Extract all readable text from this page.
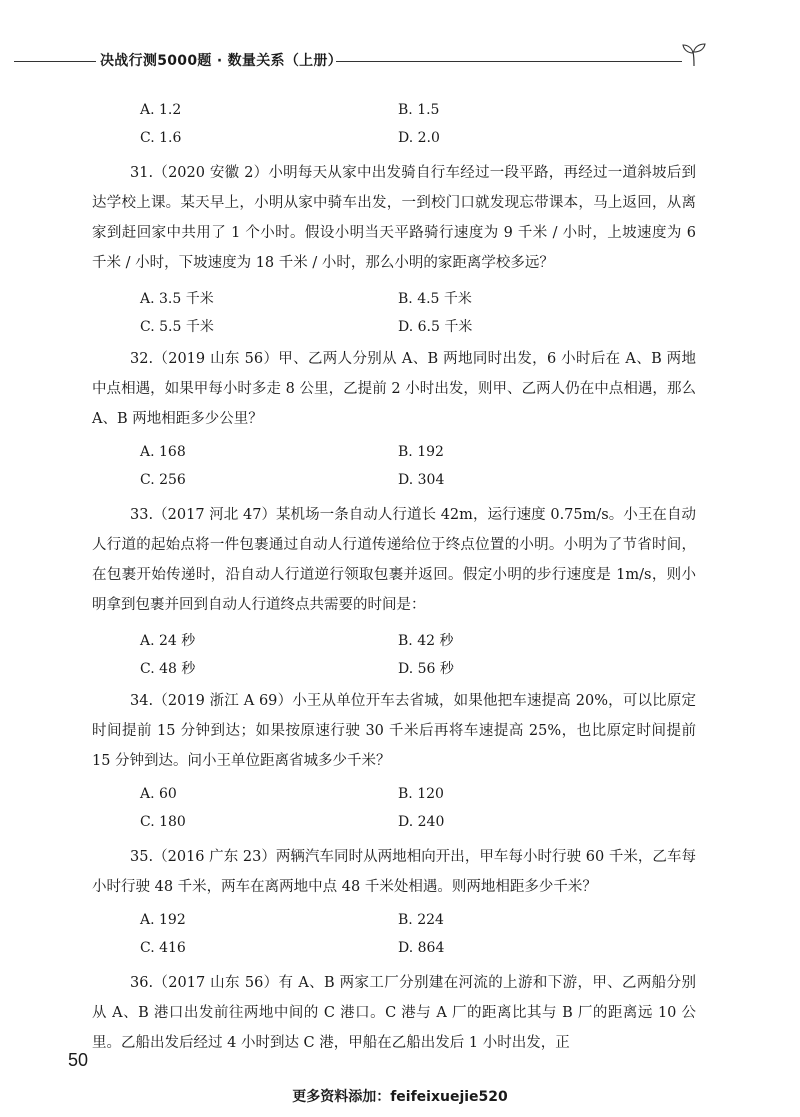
决战行测5000题 · 数量关系（上册）
A. 1.2	B. 1.5
C. 1.6	D. 2.0

31.（2020 安徽 2）小明每天从家中出发骑自行车经过一段平路，再经过一道斜坡后到达学校上课。某天早上，小明从家中骑车出发，一到校门口就发现忘带课本，马上返回，从离家到赶回家中共用了 1 个小时。假设小明当天平路骑行速度为 9 千米 / 小时，上坡速度为 6 千米 / 小时，下坡速度为 18 千米 / 小时，那么小明的家距离学校多远？

A. 3.5 千米	B. 4.5 千米
C. 5.5 千米	D. 6.5 千米

32.（2019 山东 56）甲、乙两人分别从 A、B 两地同时出发，6 小时后在 A、B 两地中点相遇，如果甲每小时多走 8 公里，乙提前 2 小时出发，则甲、乙两人仍在中点相遇，那么 A、B 两地相距多少公里？

A. 168	B. 192
C. 256	D. 304

33.（2017 河北 47）某机场一条自动人行道长 42m，运行速度 0.75m/s。小王在自动人行道的起始点将一件包裹通过自动人行道传递给位于终点位置的小明。小明为了节省时间，在包裹开始传递时，沿自动人行道逆行领取包裹并返回。假定小明的步行速度是 1m/s，则小明拿到包裹并回到自动人行道终点共需要的时间是：

A. 24 秒	B. 42 秒
C. 48 秒	D. 56 秒

34.（2019 浙江 A 69）小王从单位开车去省城，如果他把车速提高 20%，可以比原定时间提前 15 分钟到达；如果按原速行驶 30 千米后再将车速提高 25%，也比原定时间提前 15 分钟到达。问小王单位距离省城多少千米？

A. 60	B. 120
C. 180	D. 240

35.（2016 广东 23）两辆汽车同时从两地相向开出，甲车每小时行驶 60 千米，乙车每小时行驶 48 千米，两车在离两地中点 48 千米处相遇。则两地相距多少千米？

A. 192	B. 224
C. 416	D. 864

36.（2017 山东 56）有 A、B 两家工厂分别建在河流的上游和下游，甲、乙两船分别从 A、B 港口出发前往两地中间的 C 港口。C 港与 A 厂的距离比其与 B 厂的距离远 10 公里。乙船出发后经过 4 小时到达 C 港，甲船在乙船出发后 1 小时出发，正

50
更多资料添加：feifeixuejie520
